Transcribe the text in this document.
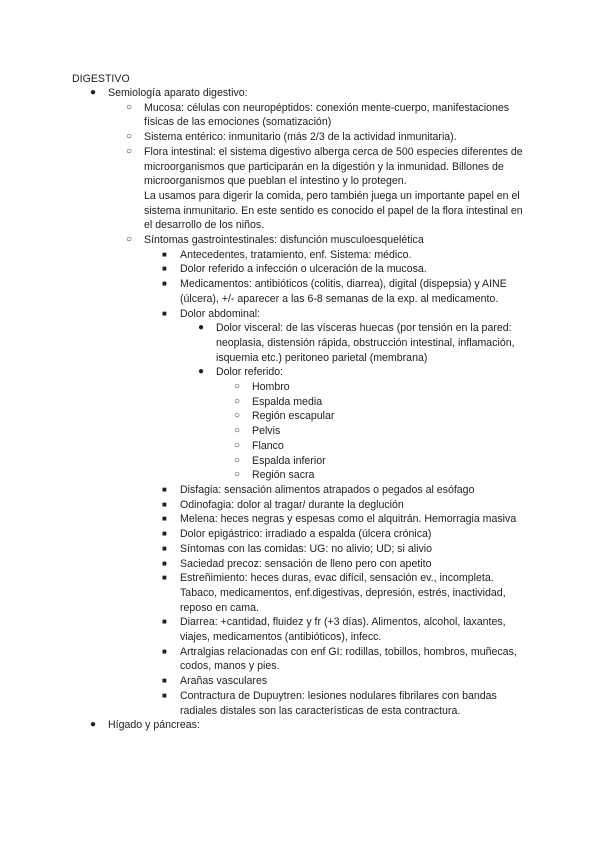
DIGESTIVO
● Semiología aparato digestivo:
○ Mucosa: células con neuropéptidos: conexión mente-cuerpo, manifestaciones físicas de las emociones (somatización)
○ Sistema entérico: inmunitario (más 2/3 de la actividad inmunitaria).
○ Flora intestinal: el sistema digestivo alberga cerca de 500 especies diferentes de microorganismos que participarán en la digestión y la inmunidad. Billones de microorganismos que pueblan el intestino y lo protegen.
La usamos para digerir la comida, pero también juega un importante papel en el sistema inmunitario. En este sentido es conocido el papel de la flora intestinal en el desarrollo de los niños.
○ Síntomas gastrointestinales: disfunción musculoesquelética
■ Antecedentes, tratamiento, enf. Sistema: médico.
■ Dolor referido a infección o ulceración de la mucosa.
■ Medicamentos: antibióticos (colitis, diarrea), digital (dispepsia) y AINE (úlcera), +/- aparecer a las 6-8 semanas de la exp. al medicamento.
■ Dolor abdominal:
● Dolor visceral: de las vísceras huecas (por tensión en la pared: neoplasia, distensión rápida, obstrucción intestinal, inflamación, isquemia etc.) peritoneo parietal (membrana)
● Dolor referido:
○ Hombro
○ Espalda media
○ Región escapular
○ Pelvis
○ Flanco
○ Espalda inferior
○ Región sacra
■ Disfagia: sensación alimentos atrapados o pegados al esófago
■ Odinofagia: dolor al tragar/ durante la deglución
■ Melena: heces negras y espesas como el alquitrán. Hemorragia masiva
■ Dolor epigástrico: irradiado a espalda (úlcera crónica)
■ Síntomas con las comidas: UG: no alivio; UD; si alivio
■ Saciedad precoz: sensación de lleno pero con apetito
■ Estreñimiento: heces duras, evac difícil, sensación ev., incompleta. Tabaco, medicamentos, enf.digestivas, depresión, estrés, inactividad, reposo en cama.
■ Diarrea: +cantidad, fluidez y fr (+3 días). Alimentos, alcohol, laxantes, viajes, medicamentos (antibióticos), infecc.
■ Artralgias relacionadas con enf GI: rodillas, tobillos, hombros, muñecas, codos, manos y pies.
■ Arañas vasculares
■ Contractura de Dupuytren: lesiones nodulares fibrilares con bandas radiales distales son las características de esta contractura.
● Hígado y páncreas:
